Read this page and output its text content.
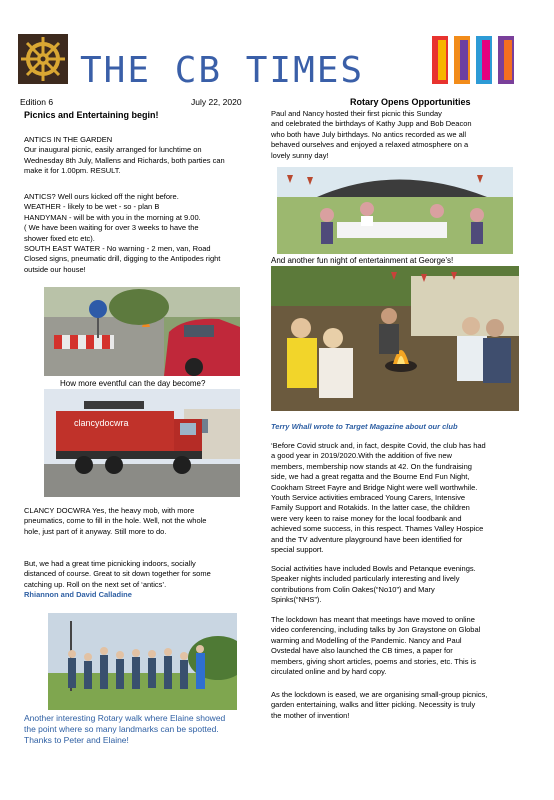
THE CB TIMES
Edition 6	July 22, 2020
Picnics and Entertaining begin!
ANTICS IN THE GARDEN
Our inaugural picnic, easily arranged for lunchtime on
Wednesday 8th July, Mallens and Richards, both parties can
make it for 1.00pm. RESULT.
ANTICS? Well ours kicked off the night before.
WEATHER - likely to be wet - so - plan B
HANDYMAN - will be with you in the morning at 9.00.
( We have been waiting for over 3 weeks to have the
shower fixed etc etc).
SOUTH EAST WATER - No warning - 2 men, van, Road
Closed signs, pneumatic drill, digging to the Antipodes right
outside our house!
How more eventful can the day become?
clancydocwra
CLANCY DOCWRA Yes, the heavy mob, with more
pneumatics, come to fill in the hole. Well, not the whole
hole, just part of it anyway. Still more to do.
But, we had a great time picnicking indoors, socially
distanced of course. Great to sit down together for some
catching up. Roll on the next set of ‘antics’.
Rhiannon and David Calladine
Another interesting Rotary walk where Elaine showed
the point where so many landmarks can be spotted.
Thanks to Peter and Elaine!
Rotary Opens Opportunities
Paul and Nancy hosted their first picnic this Sunday
and celebrated the birthdays of Kathy Jupp and Bob Deacon
who both have July birthdays. No antics recorded as we all
behaved ourselves and enjoyed a relaxed atmosphere on a
lovely sunny day!
And another fun night of entertainment at George’s!
Terry Whall wrote to Target Magazine about our club
‘Before Covid struck and, in fact, despite Covid, the club has had
a good year in 2019/2020.With the addition of five new
members, membership now stands at 42. On the fundraising
side, we had a great regatta and the Bourne End Fun Night,
Cookham Street Fayre and Bridge Night were well worthwhile.
Youth Service activities embraced Young Carers, Intensive
Family Support and Rotakids. In the latter case, the children
were very keen to raise money for the local foodbank and
achieved some success, in this respect. Thames Valley Hospice
and the TV adventure playground have been identified for
special support.
Social activities have included Bowls and Petanque evenings.
Speaker nights included particularly interesting and lively
contributions from Colin Oakes(“No10”) and Mary
Spinks(“NHS”).
The lockdown has meant that meetings have moved to online
video conferencing, including talks by Jon Graystone on Global
warming and Modelling of the Pandemic. Nancy and Paul
Ovstedal have also launched the CB times, a paper for
members, giving short articles, poems and stories, etc. This is
circulated online and by hard copy.
As the lockdown is eased, we are organising small-group picnics,
garden entertaining, walks and litter picking. Necessity is truly
the mother of invention!
